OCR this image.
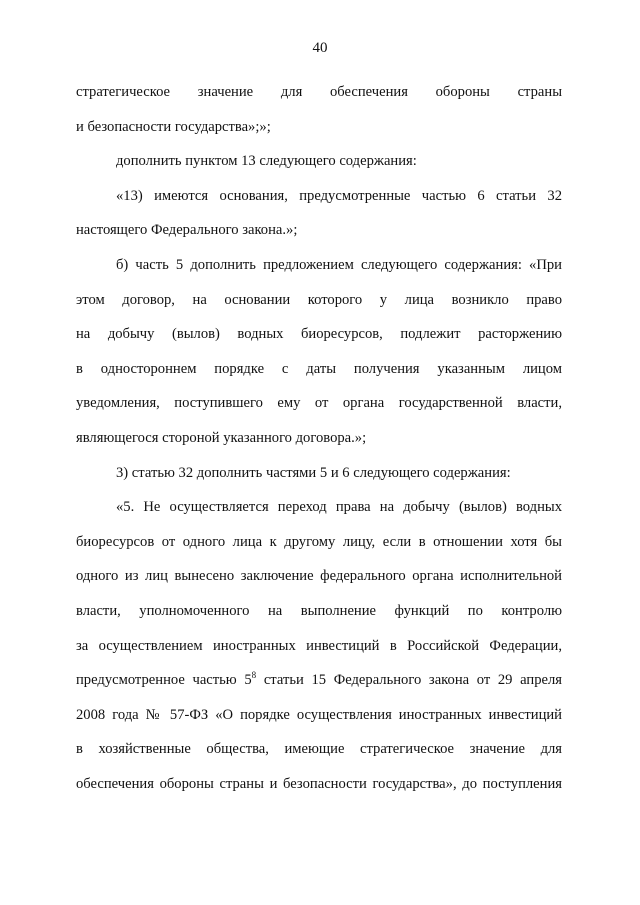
40
стратегическое значение для обеспечения обороны страны
и безопасности государства»;»;
дополнить пунктом 13 следующего содержания:
«13) имеются основания, предусмотренные частью 6 статьи 32
настоящего Федерального закона.»;
б) часть 5 дополнить предложением следующего содержания: «При
этом договор, на основании которого у лица возникло право
на добычу (вылов) водных биоресурсов, подлежит расторжению
в одностороннем порядке с даты получения указанным лицом
уведомления, поступившего ему от органа государственной власти,
являющегося стороной указанного договора.»;
3) статью 32 дополнить частями 5 и 6 следующего содержания:
«5. Не осуществляется переход права на добычу (вылов) водных
биоресурсов от одного лица к другому лицу, если в отношении хотя бы
одного из лиц вынесено заключение федерального органа исполнительной
власти, уполномоченного на выполнение функций по контролю
за осуществлением иностранных инвестиций в Российской Федерации,
предусмотренное частью $5^8$ статьи 15 Федерального закона от 29 апреля
2008 года № 57-ФЗ «О порядке осуществления иностранных инвестиций
в хозяйственные общества, имеющие стратегическое значение для
обеспечения обороны страны и безопасности государства», до поступления
